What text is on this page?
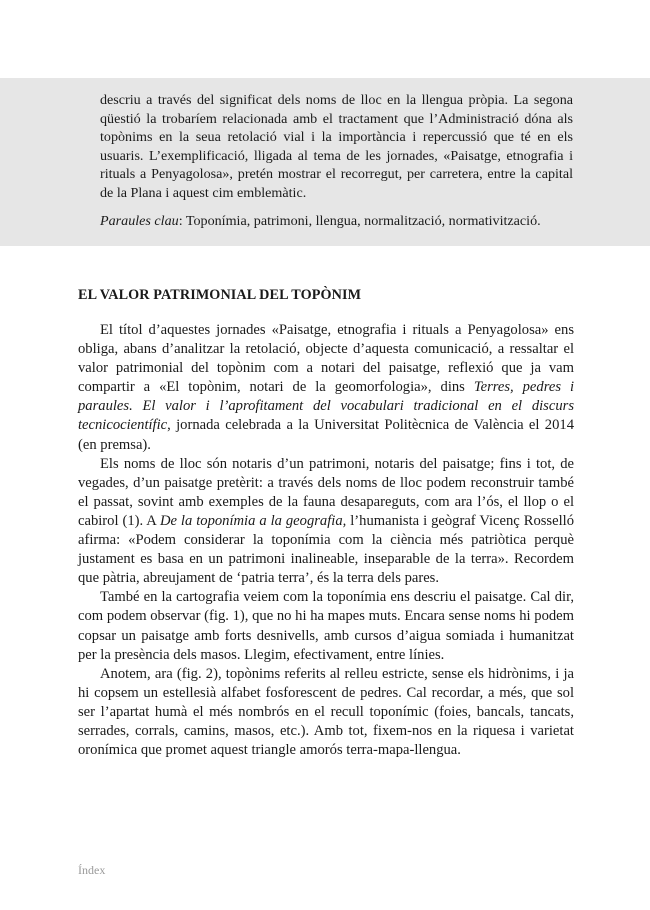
descriu a través del significat dels noms de lloc en la llengua pròpia. La segona qüestió la trobaríem relacionada amb el tractament que l’Administració dóna als topònims en la seua retolació vial i la importància i repercussió que té en els usuaris. L’exemplificació, lligada al tema de les jornades, «Paisatge, etnografia i rituals a Penyagolosa», pretén mostrar el recorregut, per carretera, entre la capital de la Plana i aquest cim emblemàtic.

Paraules clau: Toponímia, patrimoni, llengua, normalització, normativització.
EL VALOR PATRIMONIAL DEL TOPÒNIM

El títol d’aquestes jornades «Paisatge, etnografia i rituals a Penyagolosa» ens obliga, abans d’analitzar la retolació, objecte d’aquesta comunicació, a ressaltar el valor patrimonial del topònim com a notari del paisatge, reflexió que ja vam compartir a «El topònim, notari de la geomorfologia», dins Terres, pedres i paraules. El valor i l’aprofitament del vocabulari tradicional en el discurs tecnicocientífic, jornada celebrada a la Universitat Politècnica de València el 2014 (en premsa).

Els noms de lloc són notaris d’un patrimoni, notaris del paisatge; fins i tot, de vegades, d’un paisatge pretèrit: a través dels noms de lloc podem reconstruir també el passat, sovint amb exemples de la fauna desapareguts, com ara l’ós, el llop o el cabirol (1). A De la toponímia a la geografia, l’humanista i geògraf Vicenç Rosselló afirma: «Podem considerar la toponímia com la ciència més patriòtica perquè justament es basa en un patrimoni inalineable, inseparable de la terra». Recordem que pàtria, abreujament de ‘patria terra’, és la terra dels pares.

També en la cartografia veiem com la toponímia ens descriu el paisatge. Cal dir, com podem observar (fig. 1), que no hi ha mapes muts. Encara sense noms hi podem copsar un paisatge amb forts desnivells, amb cursos d’aigua somiada i humanitzat per la presència dels masos. Llegim, efectivament, entre línies.

Anotem, ara (fig. 2), topònims referits al relleu estricte, sense els hidrònims, i ja hi copsem un estellesià alfabet fosforescent de pedres. Cal recordar, a més, que sol ser l’apartat humà el més nombrós en el recull toponímic (foies, bancals, tancats, serrades, corrals, camins, masos, etc.). Amb tot, fixem-nos en la riquesa i varietat oronímica que promet aquest triangle amorós terra-mapa-llengua.

Índex
